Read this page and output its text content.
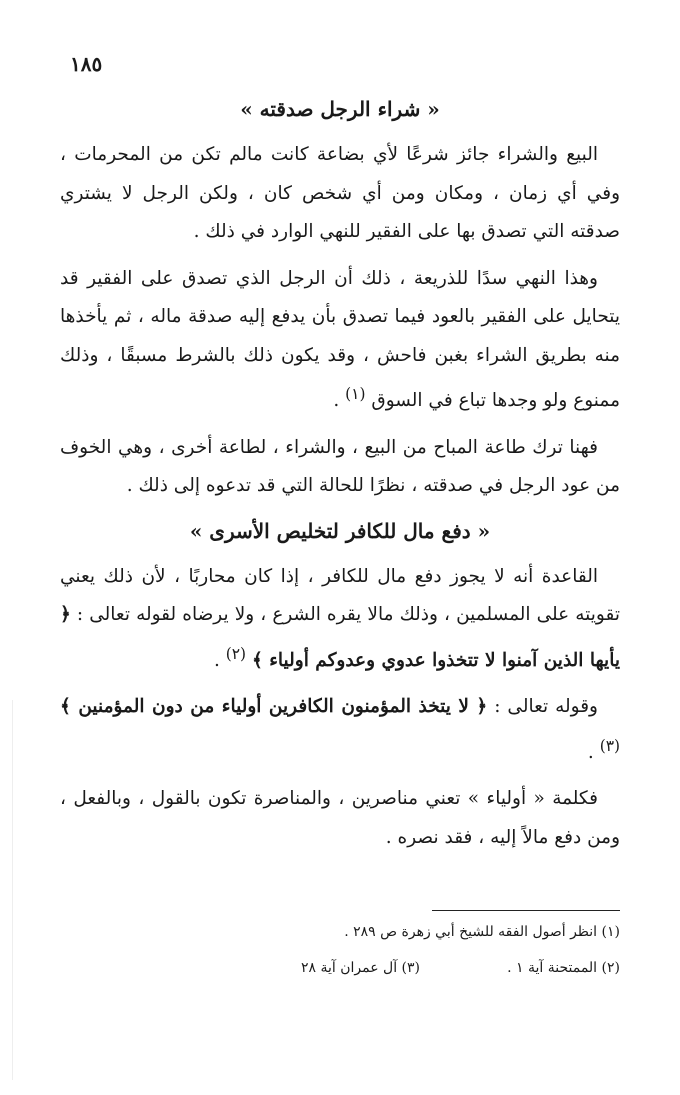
١٨٥
« شراء الرجل صدقته »

البيع والشراء جائز شرعًا لأي بضاعة كانت مالم تكن من المحرمات ، وفي أي زمان ، ومكان ومن أي شخص كان ، ولكن الرجل لا يشتري صدقته التي تصدق بها على الفقير للنهي الوارد في ذلك .

وهذا النهي سدًا للذريعة ، ذلك أن الرجل الذي تصدق على الفقير قد يتحايل على الفقير بالعود فيما تصدق بأن يدفع إليه صدقة ماله ، ثم يأخذها منه بطريق الشراء بغبن فاحش ، وقد يكون ذلك بالشرط مسبقًا ، وذلك ممنوع ولو وجدها تباع في السوق $^{(١)}$ .

فهنا ترك طاعة المباح من البيع ، والشراء ، لطاعة أخرى ، وهي الخوف من عود الرجل في صدقته ، نظرًا للحالة التي قد تدعوه إلى ذلك .

« دفع مال للكافر لتخليص الأسرى »

القاعدة أنه لا يجوز دفع مال للكافر ، إذا كان محاربًا ، لأن ذلك يعني تقويته على المسلمين ، وذلك مالا يقره الشرع ، ولا يرضاه لقوله تعالى : ﴿ يأيها الذين آمنوا لا تتخذوا عدوي وعدوكم أولياء ﴾ $^{(٢)}$ .

وقوله تعالى : ﴿ لا يتخذ المؤمنون الكافرين أولياء من دون المؤمنين ﴾ $^{(٣)}$ .

فكلمة « أولياء » تعني مناصرين ، والمناصرة تكون بالقول ، وبالفعل ، ومن دفع مالاً إليه ، فقد نصره .

(١) انظر أصول الفقه للشيخ أبي زهرة ص ٢٨٩ .
(٢) الممتحنة آية ١ .
(٣) آل عمران آية ٢٨
